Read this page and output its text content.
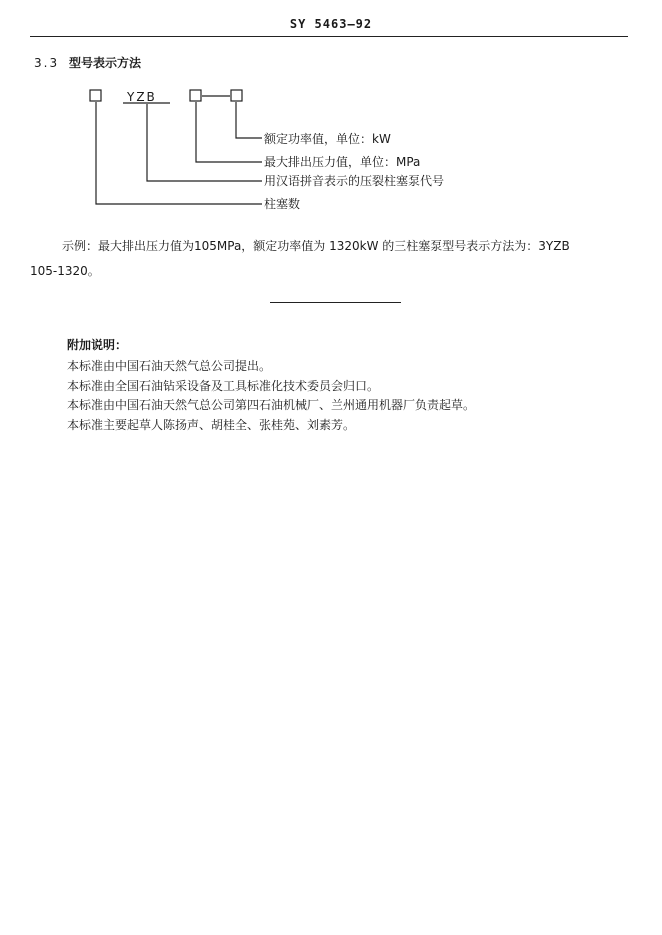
SY 5463—92
3.3 型号表示方法
YZB
额定功率值，单位：kW
最大排出压力值，单位：MPa
用汉语拼音表示的压裂柱塞泵代号
柱塞数
示例：最大排出压力值为105MPa，额定功率值为 1320kW 的三柱塞泵型号表示方法为：3YZB
105-1320。
附加说明：
本标准由中国石油天然气总公司提出。
本标准由全国石油钻采设备及工具标准化技术委员会归口。
本标准由中国石油天然气总公司第四石油机械厂、兰州通用机器厂负责起草。
本标准主要起草人陈扬声、胡桂全、张桂苑、刘素芳。
